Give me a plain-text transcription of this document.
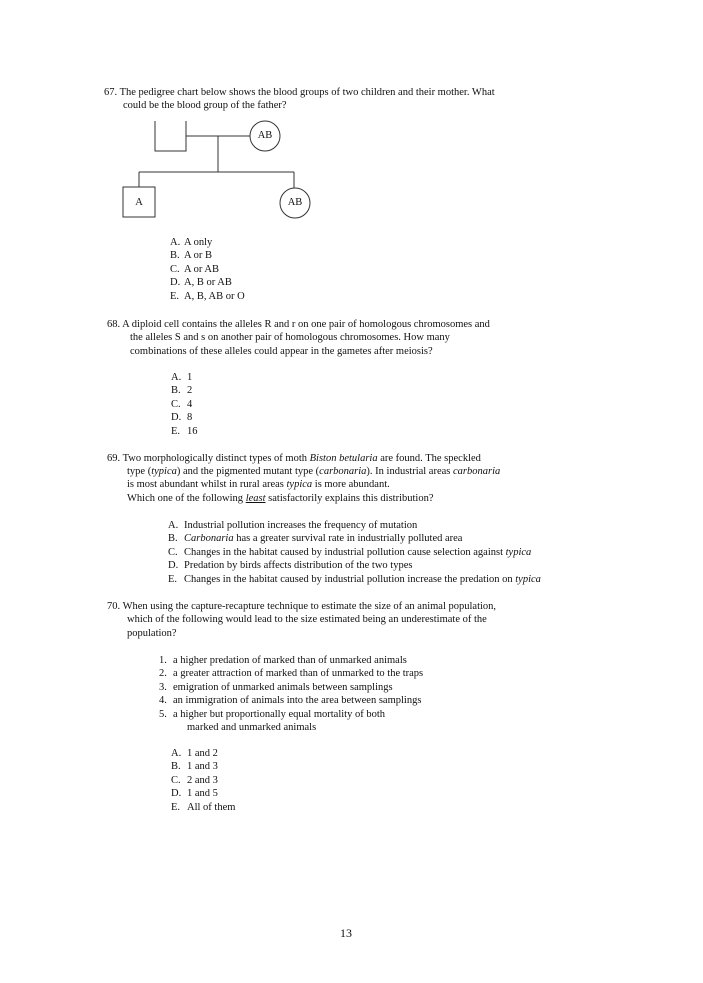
67. The pedigree chart below shows the blood groups of two children and their mother. What
could be the blood group of the father?
AB
A	AB
A. A only
B. A or B
C. A or AB
D. A, B or AB
E. A, B, AB or O
68. A diploid cell contains the alleles R and r on one pair of homologous chromosomes and
the alleles S and s on another pair of homologous chromosomes. How many
combinations of these alleles could appear in the gametes after meiosis?
A. 1
B. 2
C. 4
D. 8
E. 16
69. Two morphologically distinct types of moth Biston betularia are found. The speckled
type (typica) and the pigmented mutant type (carbonaria). In industrial areas carbonaria
is most abundant whilst in rural areas typica is more abundant.
Which one of the following least satisfactorily explains this distribution?
A. Industrial pollution increases the frequency of mutation
B. Carbonaria has a greater survival rate in industrially polluted area
C. Changes in the habitat caused by industrial pollution cause selection against typica
D. Predation by birds affects distribution of the two types
E. Changes in the habitat caused by industrial pollution increase the predation on typica
70. When using the capture-recapture technique to estimate the size of an animal population,
which of the following would lead to the size estimated being an underestimate of the
population?
1. a higher predation of marked than of unmarked animals
2. a greater attraction of marked than of unmarked to the traps
3. emigration of unmarked animals between samplings
4. an immigration of animals into the area between samplings
5. a higher but proportionally equal mortality of both
marked and unmarked animals
A. 1 and 2
B. 1 and 3
C. 2 and 3
D. 1 and 5
E. All of them
13
